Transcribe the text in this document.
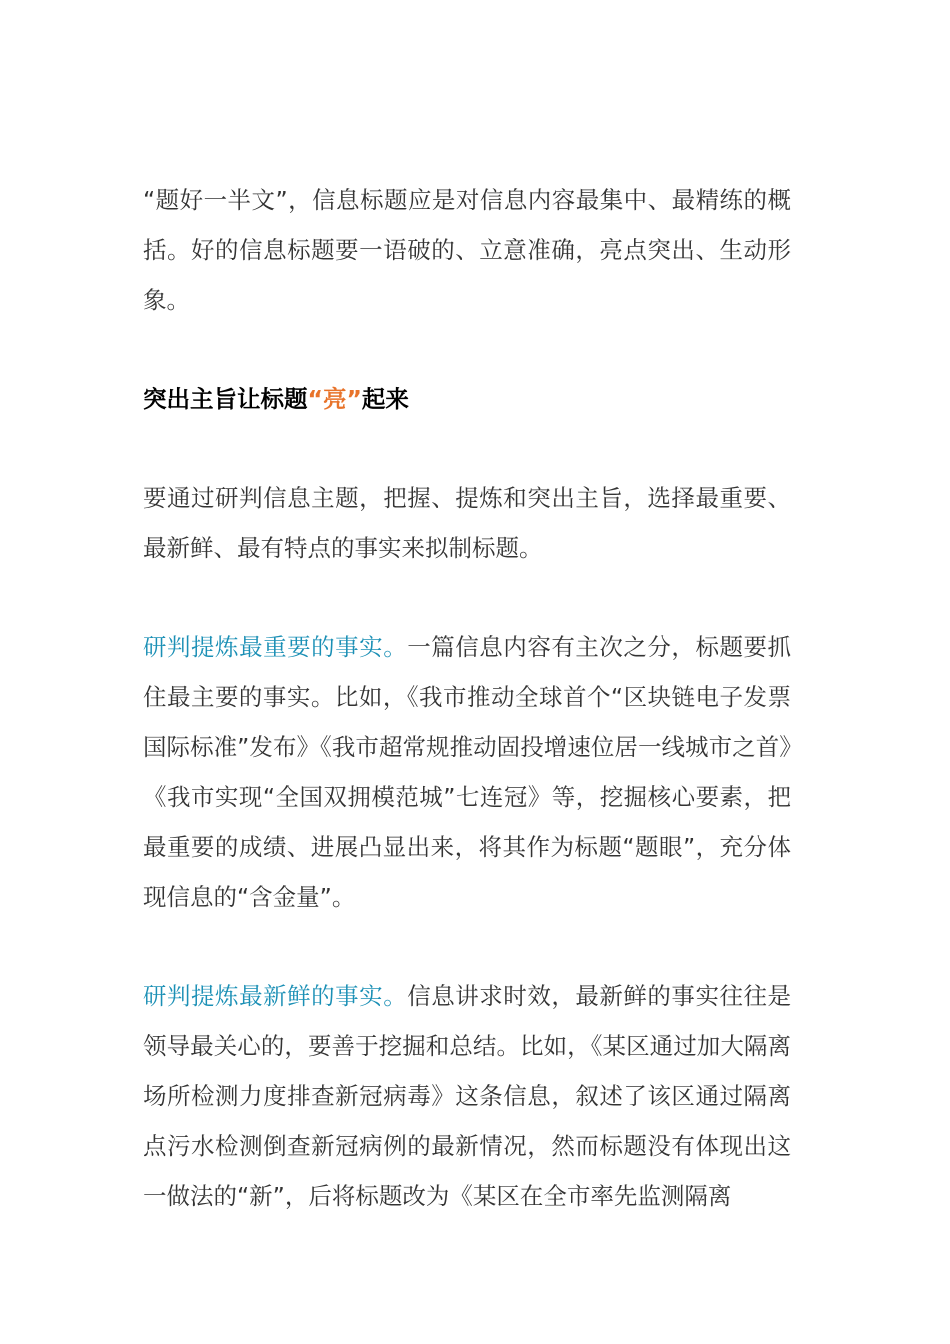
“题好一半文”，信息标题应是对信息内容最集中、最精练的概括。好的信息标题要一语破的、立意准确，亮点突出、生动形象。

突出主旨让标题“亮”起来

要通过研判信息主题，把握、提炼和突出主旨，选择最重要、最新鲜、最有特点的事实来拟制标题。

研判提炼最重要的事实。一篇信息内容有主次之分，标题要抓住最主要的事实。比如，《我市推动全球首个“区块链电子发票国际标准”发布》《我市超常规推动固投增速位居一线城市之首》《我市实现“全国双拥模范城”七连冠》等，挖掘核心要素，把最重要的成绩、进展凸显出来，将其作为标题“题眼”，充分体现信息的“含金量”。

研判提炼最新鲜的事实。信息讲求时效，最新鲜的事实往往是领导最关心的，要善于挖掘和总结。比如，《某区通过加大隔离场所检测力度排查新冠病毒》这条信息，叙述了该区通过隔离点污水检测倒查新冠病例的最新情况，然而标题没有体现出这一做法的“新”，后将标题改为《某区在全市率先监测隔离
